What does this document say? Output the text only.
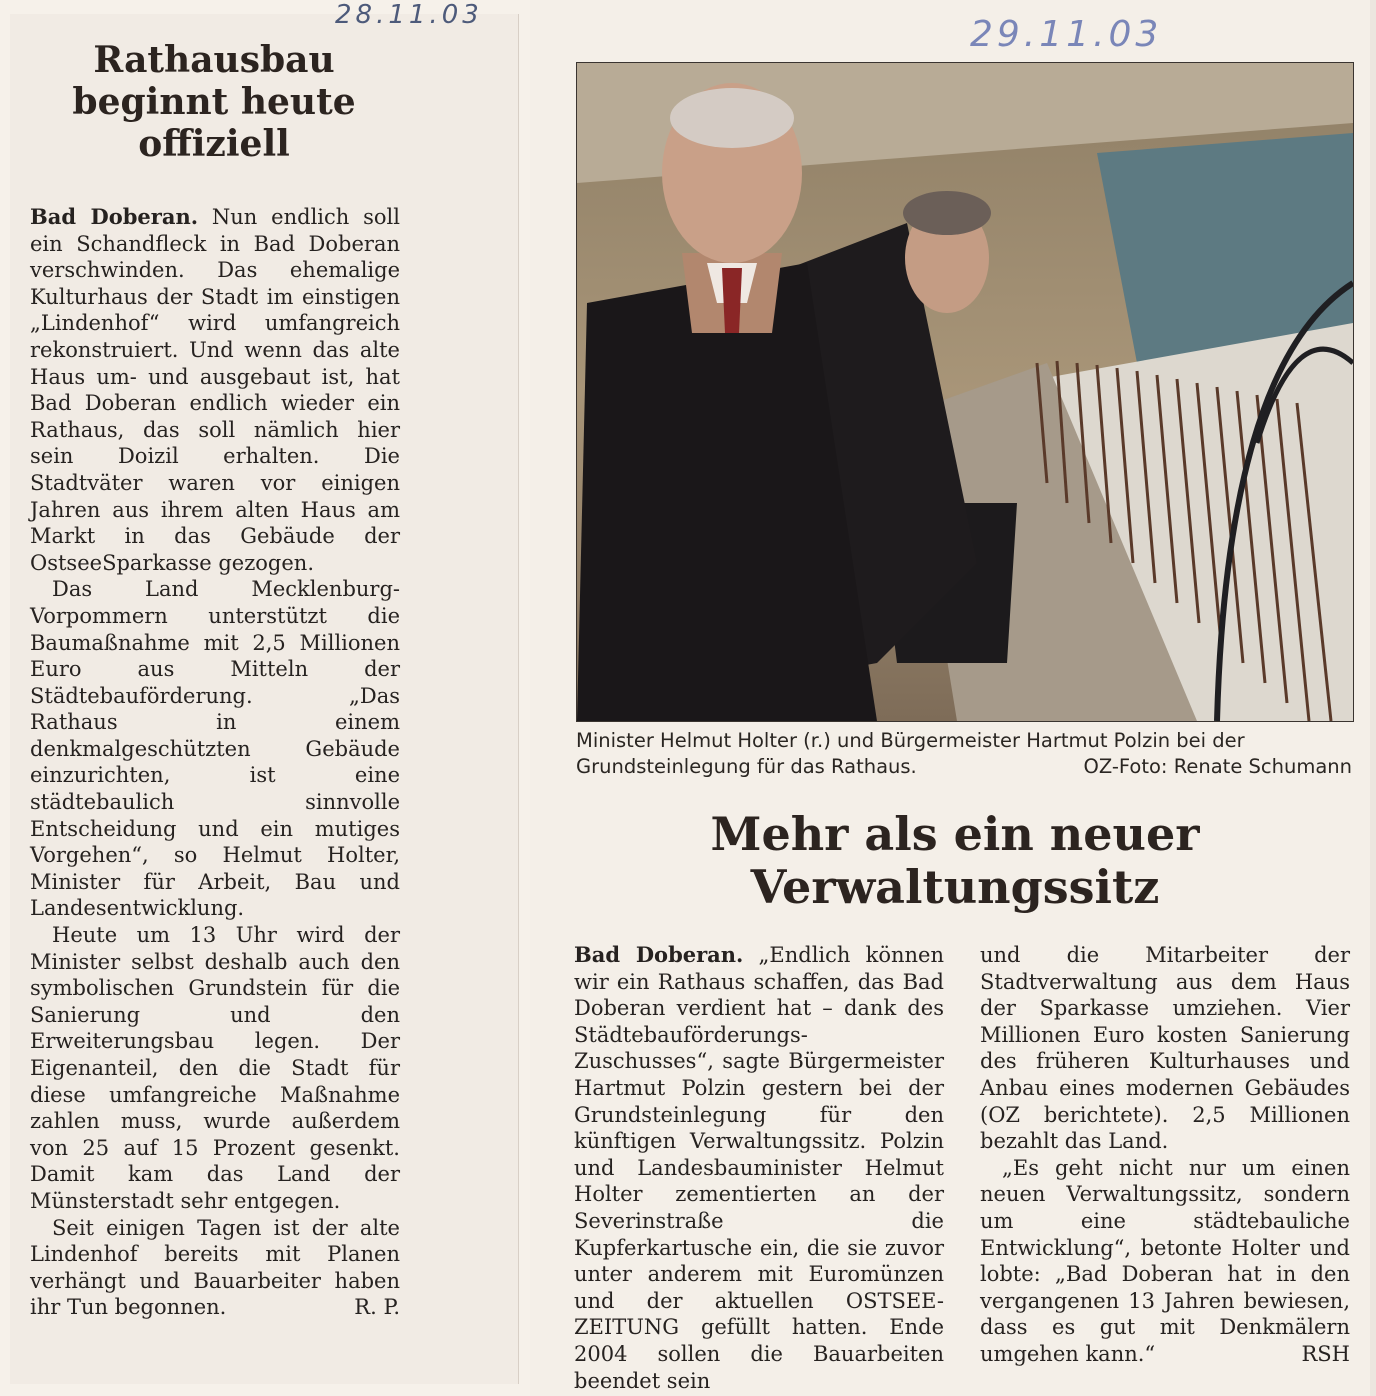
28.11.03
Rathausbau
beginnt heute
offiziell

Bad Doberan. Nun endlich soll ein Schandfleck in Bad Doberan verschwinden. Das ehemalige Kulturhaus der Stadt im einstigen „Lindenhof“ wird umfangreich rekonstruiert. Und wenn das alte Haus um- und ausgebaut ist, hat Bad Doberan endlich wieder ein Rathaus, das soll nämlich hier sein Doizil erhalten. Die Stadtväter waren vor einigen Jahren aus ihrem alten Haus am Markt in das Gebäude der OstseeSparkasse gezogen.

Das Land Mecklenburg-Vorpommern unterstützt die Baumaßnahme mit 2,5 Millionen Euro aus Mitteln der Städtebauförderung. „Das Rathaus in einem denkmalgeschützten Gebäude einzurichten, ist eine städtebaulich sinnvolle Entscheidung und ein mutiges Vorgehen“, so Helmut Holter, Minister für Arbeit, Bau und Landesentwicklung.

Heute um 13 Uhr wird der Minister selbst deshalb auch den symbolischen Grundstein für die Sanierung und den Erweiterungsbau legen. Der Eigenanteil, den die Stadt für diese umfangreiche Maßnahme zahlen muss, wurde außerdem von 25 auf 15 Prozent gesenkt. Damit kam das Land der Münsterstadt sehr entgegen.

Seit einigen Tagen ist der alte Lindenhof bereits mit Planen verhängt und Bauarbeiter haben ihr Tun begonnen.	R. P.

29.11.03
Minister Helmut Holter (r.) und Bürgermeister Hartmut Polzin bei der Grundsteinlegung für das Rathaus.	OZ-Foto: Renate Schumann
Mehr als ein neuer
Verwaltungssitz

Bad Doberan. „Endlich können wir ein Rathaus schaffen, das Bad Doberan verdient hat – dank des Städtebauförderungs-Zuschusses“, sagte Bürgermeister Hartmut Polzin gestern bei der Grundsteinlegung für den künftigen Verwaltungssitz. Polzin und Landesbauminister Helmut Holter zementierten an der Severinstraße die Kupferkartusche ein, die sie zuvor unter anderem mit Euromünzen und der aktuellen OSTSEE-ZEITUNG gefüllt hatten. Ende 2004 sollen die Bauarbeiten beendet sein

und die Mitarbeiter der Stadtverwaltung aus dem Haus der Sparkasse umziehen. Vier Millionen Euro kosten Sanierung des früheren Kulturhauses und Anbau eines modernen Gebäudes (OZ berichtete). 2,5 Millionen bezahlt das Land.

„Es geht nicht nur um einen neuen Verwaltungssitz, sondern um eine städtebauliche Entwicklung“, betonte Holter und lobte: „Bad Doberan hat in den vergangenen 13 Jahren bewiesen, dass es gut mit Denkmälern umgehen kann.“	RSH
